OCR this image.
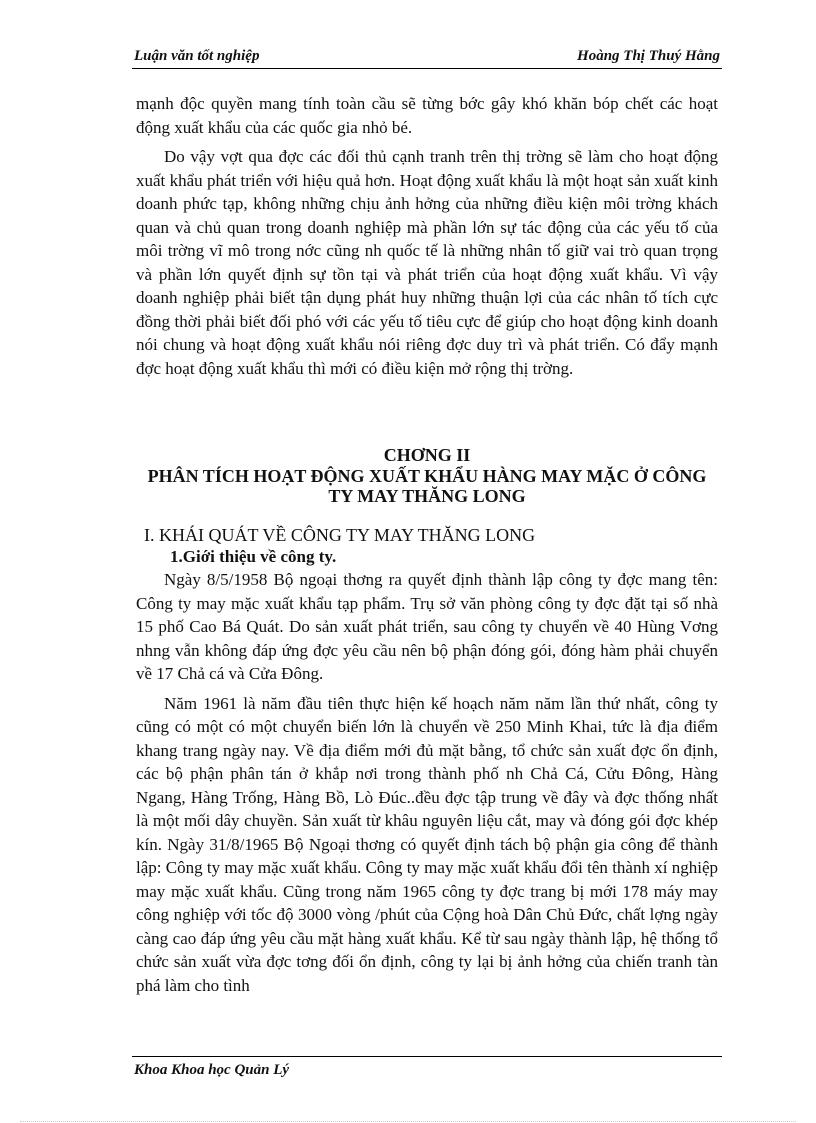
Luận văn tốt nghiệp	Hoàng Thị Thuý Hằng

mạnh độc quyền mang tính toàn cầu sẽ từng bớc gây khó khăn bóp chết các hoạt động xuất khẩu của các quốc gia nhỏ bé.

Do vậy vợt qua đợc các đối thủ cạnh tranh trên thị trờng sẽ làm cho hoạt động xuất khẩu phát triển với hiệu quả hơn. Hoạt động xuất khẩu là một hoạt sản xuất kinh doanh phức tạp, không những chịu ảnh hởng của những điều kiện môi trờng khách quan và chủ quan trong doanh nghiệp mà phần lớn sự tác động của các yếu tố của môi trờng vĩ mô trong nớc cũng nh quốc tế là những nhân tố giữ vai trò quan trọng và phần lớn quyết định sự tồn tại và phát triển của hoạt động xuất khẩu. Vì vậy doanh nghiệp phải biết tận dụng phát huy những thuận lợi của các nhân tố tích cực đồng thời phải biết đối phó với các yếu tố tiêu cực để giúp cho hoạt động kinh doanh nói chung và hoạt động xuất khẩu nói riêng đợc duy trì và phát triển. Có đẩy mạnh đợc hoạt động xuất khẩu thì mới có điều kiện mở rộng thị trờng.

CHƠNG II

PHÂN TÍCH HOẠT ĐỘNG XUẤT KHẨU HÀNG MAY MẶC Ở CÔNG TY MAY THĂNG LONG

I. KHÁI QUÁT VỀ CÔNG TY MAY THĂNG LONG

1.Giới thiệu về công ty.

Ngày 8/5/1958 Bộ ngoại thơng ra quyết định thành lập công ty đợc mang tên: Công ty may mặc xuất khẩu tạp phẩm. Trụ sở văn phòng công ty đợc đặt tại số nhà 15 phố Cao Bá Quát. Do sản xuất phát triển, sau công ty chuyển về 40 Hùng Vơng nhng vẫn không đáp ứng đợc yêu cầu nên bộ phận đóng gói, đóng hàm phải chuyển về 17 Chả cá và Cửa Đông.

Năm 1961 là năm đầu tiên thực hiện kế hoạch năm năm lần thứ nhất, công ty cũng có một có một chuyển biến lớn là chuyển về 250 Minh Khai, tức là địa điểm khang trang ngày nay. Về địa điểm mới đủ mặt bằng, tổ chức sản xuất đợc ổn định, các bộ phận phân tán ở khắp nơi trong thành phố nh Chả Cá, Cửu Đông, Hàng Ngang, Hàng Trống, Hàng Bồ, Lò Đúc..đều đợc tập trung về đây và đợc thống nhất là một mối dây chuyền. Sản xuất từ khâu nguyên liệu cắt, may và đóng gói đợc khép kín. Ngày 31/8/1965 Bộ Ngoại thơng có quyết định tách bộ phận gia công để thành lập: Công ty may mặc xuất khẩu. Công ty may mặc xuất khẩu đổi tên thành xí nghiệp may mặc xuất khẩu. Cũng trong năm 1965 công ty đợc trang bị mới 178 máy may công nghiệp với tốc độ 3000 vòng /phút của Cộng hoà Dân Chủ Đức, chất lợng ngày càng cao đáp ứng yêu cầu mặt hàng xuất khẩu. Kể từ sau ngày thành lập, hệ thống tổ chức sản xuất vừa đợc tơng đối ổn định, công ty lại bị ảnh hởng của chiến tranh tàn phá làm cho tình

Khoa Khoa học Quản Lý
